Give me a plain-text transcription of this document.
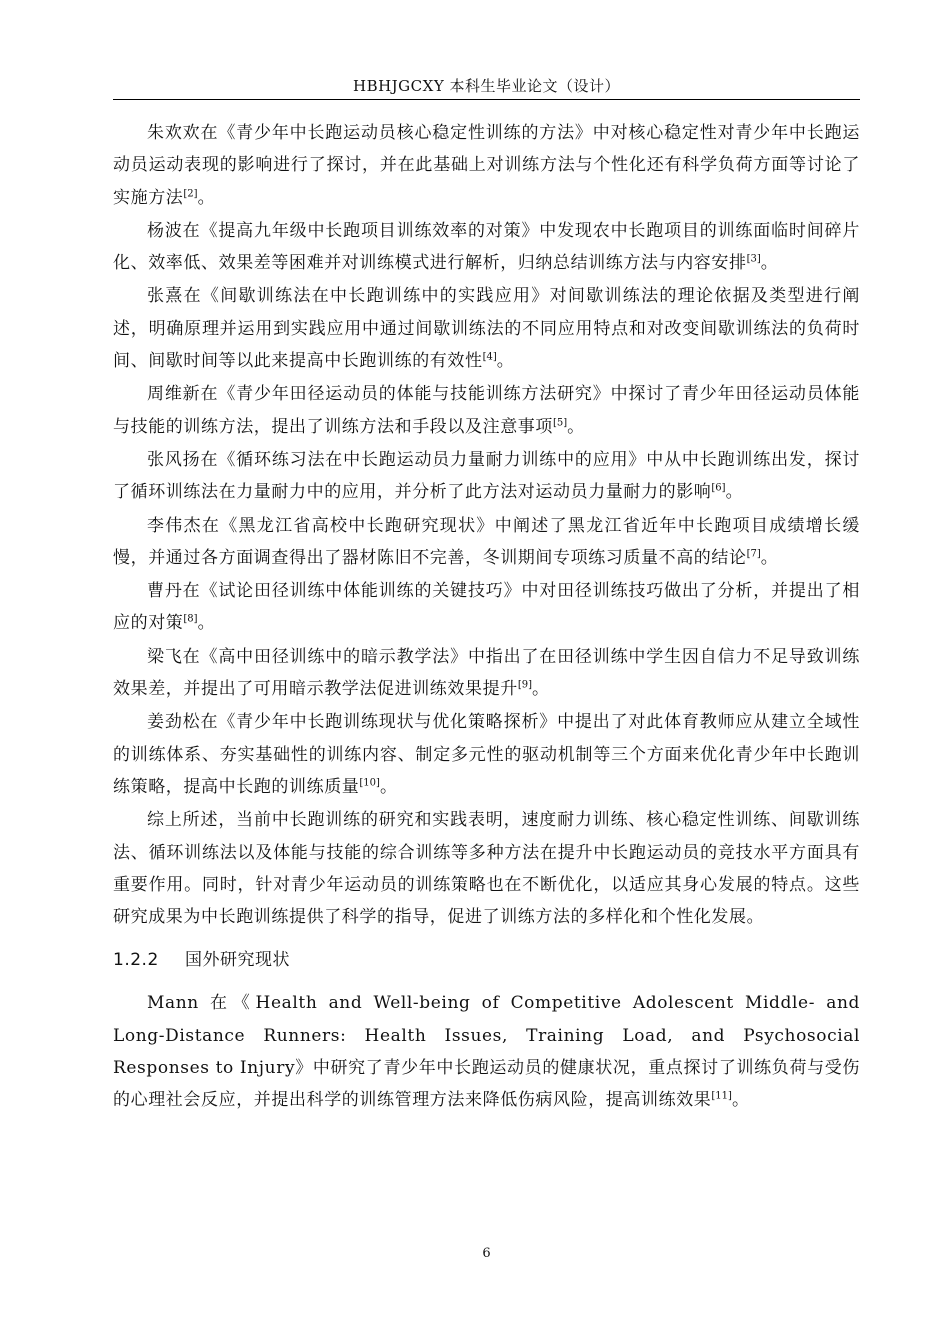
HBHJGCXY 本科生毕业论文（设计）

朱欢欢在《青少年中长跑运动员核心稳定性训练的方法》中对核心稳定性对青少年中长跑运动员运动表现的影响进行了探讨，并在此基础上对训练方法与个性化还有科学负荷方面等讨论了实施方法[2]。

杨波在《提高九年级中长跑项目训练效率的对策》中发现农中长跑项目的训练面临时间碎片化、效率低、效果差等困难并对训练模式进行解析，归纳总结训练方法与内容安排[3]。

张熹在《间歇训练法在中长跑训练中的实践应用》对间歇训练法的理论依据及类型进行阐述，明确原理并运用到实践应用中通过间歇训练法的不同应用特点和对改变间歇训练法的负荷时间、间歇时间等以此来提高中长跑训练的有效性[4]。

周维新在《青少年田径运动员的体能与技能训练方法研究》中探讨了青少年田径运动员体能与技能的训练方法，提出了训练方法和手段以及注意事项[5]。

张风扬在《循环练习法在中长跑运动员力量耐力训练中的应用》中从中长跑训练出发，探讨了循环训练法在力量耐力中的应用，并分析了此方法对运动员力量耐力的影响[6]。

李伟杰在《黑龙江省高校中长跑研究现状》中阐述了黑龙江省近年中长跑项目成绩增长缓慢，并通过各方面调查得出了器材陈旧不完善，冬训期间专项练习质量不高的结论[7]。

曹丹在《试论田径训练中体能训练的关键技巧》中对田径训练技巧做出了分析，并提出了相应的对策[8]。

梁飞在《高中田径训练中的暗示教学法》中指出了在田径训练中学生因自信力不足导致训练效果差，并提出了可用暗示教学法促进训练效果提升[9]。

姜劲松在《青少年中长跑训练现状与优化策略探析》中提出了对此体育教师应从建立全域性的训练体系、夯实基础性的训练内容、制定多元性的驱动机制等三个方面来优化青少年中长跑训练策略，提高中长跑的训练质量[10]。

综上所述，当前中长跑训练的研究和实践表明，速度耐力训练、核心稳定性训练、间歇训练法、循环训练法以及体能与技能的综合训练等多种方法在提升中长跑运动员的竞技水平方面具有重要作用。同时，针对青少年运动员的训练策略也在不断优化，以适应其身心发展的特点。这些研究成果为中长跑训练提供了科学的指导，促进了训练方法的多样化和个性化发展。

1.2.2 国外研究现状

Mann 在《Health and Well-being of Competitive Adolescent Middle- and Long-Distance Runners: Health Issues, Training Load, and Psychosocial Responses to Injury》中研究了青少年中长跑运动员的健康状况，重点探讨了训练负荷与受伤的心理社会反应，并提出科学的训练管理方法来降低伤病风险，提高训练效果[11]。

6
